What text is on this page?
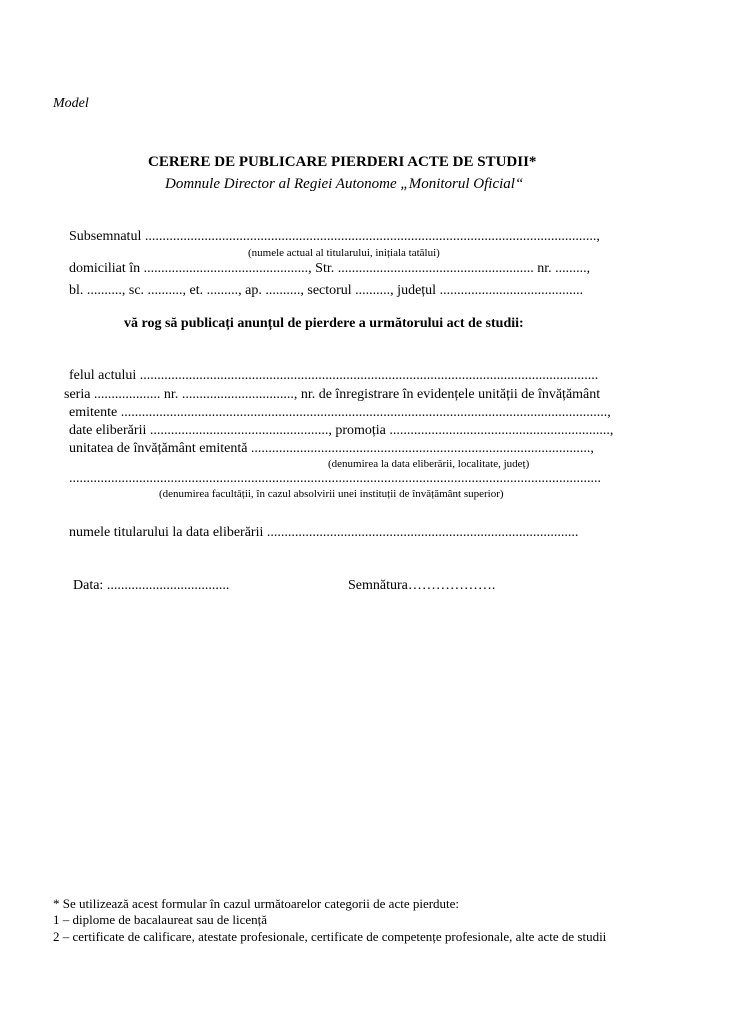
Model
CERERE DE PUBLICARE PIERDERI ACTE DE STUDII*
Domnule Director al Regiei Autonome „Monitorul Oficial“
Subsemnatul .................................................................................................................................,
(numele actual al titularului, inițiala tatălui)
domiciliat în ..............................................., Str. ........................................................ nr. .........,
bl. .........., sc. .........., et. ........., ap. .........., sectorul .........., județul .........................................
vă rog să publicați anunțul de pierdere a următorului act de studii:
felul actului ...................................................................................................................................
seria ................... nr. ................................, nr. de înregistrare în evidențele unității de învățământ
emitente ...........................................................................................................................................,
date eliberării ..................................................., promoția ...............................................................,
unitatea de învățământ emitentă .................................................................................................,
(denumirea la data eliberării, localitate, județ)
........................................................................................................................................................
(denumirea facultății, în cazul absolvirii unei instituții de învățământ superior)
numele titularului la data eliberării .........................................................................................
Data: ...................................	Semnătura……………….
* Se utilizează acest formular în cazul următoarelor categorii de acte pierdute:
1 – diplome de bacalaureat sau de licență
2 – certificate de calificare, atestate profesionale, certificate de competențe profesionale, alte acte de studii
